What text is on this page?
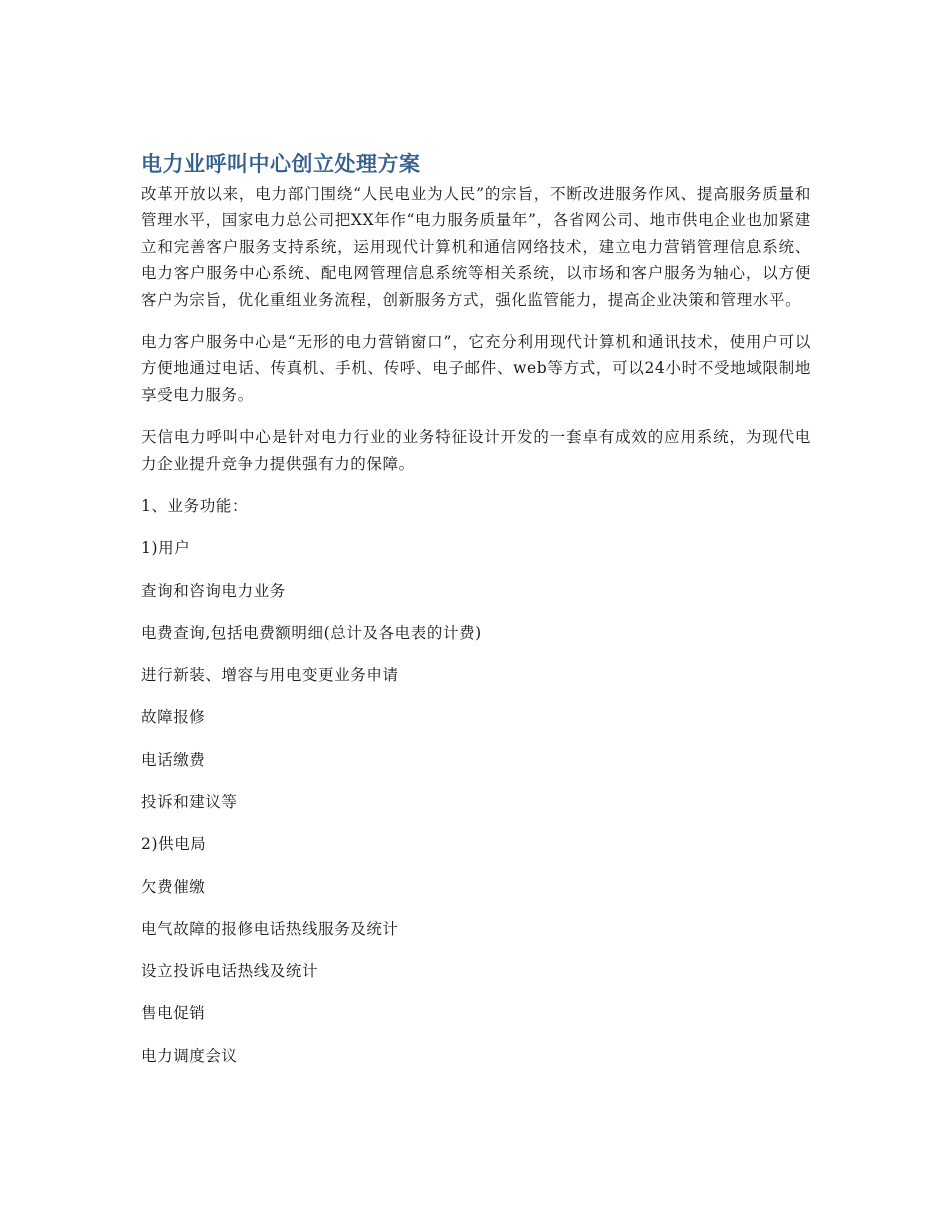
电力业呼叫中心创立处理方案

改革开放以来，电力部门围绕“人民电业为人民”的宗旨，不断改进服务作风、提高服务质量和管理水平，国家电力总公司把XX年作“电力服务质量年”，各省网公司、地市供电企业也加紧建立和完善客户服务支持系统，运用现代计算机和通信网络技术，建立电力营销管理信息系统、电力客户服务中心系统、配电网管理信息系统等相关系统，以市场和客户服务为轴心，以方便客户为宗旨，优化重组业务流程，创新服务方式，强化监管能力，提高企业决策和管理水平。

电力客户服务中心是“无形的电力营销窗口”，它充分利用现代计算机和通讯技术，使用户可以方便地通过电话、传真机、手机、传呼、电子邮件、web等方式，可以24小时不受地域限制地享受电力服务。

天信电力呼叫中心是针对电力行业的业务特征设计开发的一套卓有成效的应用系统，为现代电力企业提升竞争力提供强有力的保障。

1、业务功能：

1)用户

查询和咨询电力业务

电费查询,包括电费额明细(总计及各电表的计费)

进行新装、增容与用电变更业务申请

故障报修

电话缴费

投诉和建议等

2)供电局

欠费催缴

电气故障的报修电话热线服务及统计

设立投诉电话热线及统计

售电促销

电力调度会议
